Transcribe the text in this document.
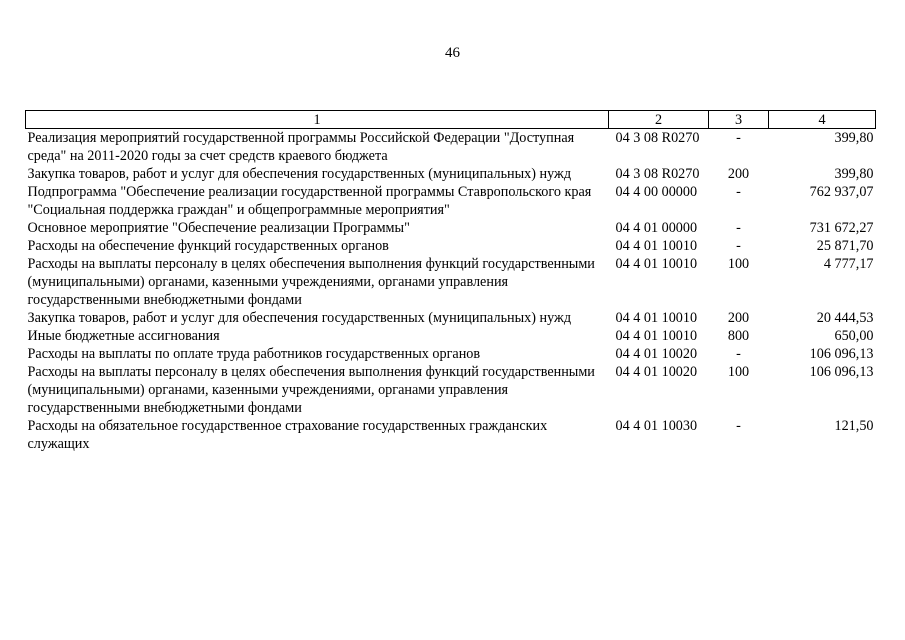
46
1	2	3	4
Реализация мероприятий государственной программы Российской Федерации "Доступная среда" на 2011-2020 годы за счет средств краевого бюджета	04 3 08 R0270	-	399,80
Закупка товаров, работ и услуг для обеспечения государственных (муниципальных) нужд	04 3 08 R0270	200	399,80
Подпрограмма "Обеспечение реализации государственной программы Ставропольского края "Социальная поддержка граждан" и общепрограммные мероприятия"	04 4 00 00000	-	762 937,07
Основное мероприятие "Обеспечение реализации Программы"	04 4 01 00000	-	731 672,27
Расходы на обеспечение функций государственных органов	04 4 01 10010	-	25 871,70
Расходы на выплаты персоналу в целях обеспечения выполнения функций государственными (муниципальными) органами, казенными учреждениями, органами управления государственными внебюджетными фондами	04 4 01 10010	100	4 777,17
Закупка товаров, работ и услуг для обеспечения государственных (муниципальных) нужд	04 4 01 10010	200	20 444,53
Иные бюджетные ассигнования	04 4 01 10010	800	650,00
Расходы на выплаты по оплате труда работников государственных органов	04 4 01 10020	-	106 096,13
Расходы на выплаты персоналу в целях обеспечения выполнения функций государственными (муниципальными) органами, казенными учреждениями, органами управления государственными внебюджетными фондами	04 4 01 10020	100	106 096,13
Расходы на обязательное государственное страхование государственных гражданских служащих	04 4 01 10030	-	121,50
